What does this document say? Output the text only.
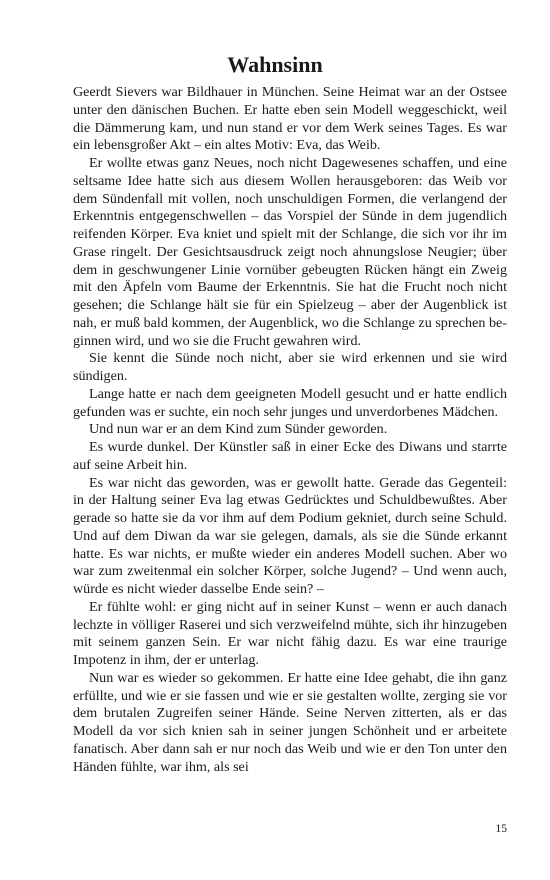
Wahnsinn

Geerdt Sievers war Bildhauer in München. Seine Heimat war an der Ostsee unter den dänischen Buchen. Er hatte eben sein Modell weggeschickt, weil die Dämmerung kam, und nun stand er vor dem Werk seines Tages. Es war ein lebensgroßer Akt – ein altes Motiv: Eva, das Weib.

Er wollte etwas ganz Neues, noch nicht Dagewesenes schaffen, und eine seltsame Idee hatte sich aus diesem Wollen herausgeboren: das Weib vor dem Sündenfall mit vollen, noch unschuldigen Formen, die verlangend der Erkenntnis entgegenschwellen – das Vorspiel der Sünde in dem jugendlich reifenden Körper. Eva kniet und spielt mit der Schlange, die sich vor ihr im Grase ringelt. Der Gesichtsausdruck zeigt noch ahnungslose Neugier; über dem in geschwungener Linie vornüber gebeugten Rücken hängt ein Zweig mit den Äpfeln vom Baume der Erkenntnis. Sie hat die Frucht noch nicht gesehen; die Schlange hält sie für ein Spielzeug – aber der Augenblick ist nah, er muß bald kommen, der Augenblick, wo die Schlange zu sprechen beginnen wird, und wo sie die Frucht gewahren wird.

Sie kennt die Sünde noch nicht, aber sie wird erkennen und sie wird sündigen.

Lange hatte er nach dem geeigneten Modell gesucht und er hatte endlich gefunden was er suchte, ein noch sehr junges und unverdorbenes Mädchen.

Und nun war er an dem Kind zum Sünder geworden.

Es wurde dunkel. Der Künstler saß in einer Ecke des Diwans und starrte auf seine Arbeit hin.

Es war nicht das geworden, was er gewollt hatte. Gerade das Gegenteil: in der Haltung seiner Eva lag etwas Gedrücktes und Schuldbewußtes. Aber gerade so hatte sie da vor ihm auf dem Podium gekniet, durch seine Schuld. Und auf dem Diwan da war sie gelegen, damals, als sie die Sünde erkannt hatte. Es war nichts, er mußte wieder ein anderes Modell suchen. Aber wo war zum zweitenmal ein solcher Körper, solche Jugend? – Und wenn auch, würde es nicht wieder dasselbe Ende sein? –

Er fühlte wohl: er ging nicht auf in seiner Kunst – wenn er auch danach lechzte in völliger Raserei und sich verzweifelnd mühte, sich ihr hinzugeben mit seinem ganzen Sein. Er war nicht fähig dazu. Es war eine traurige Impotenz in ihm, der er unterlag.

Nun war es wieder so gekommen. Er hatte eine Idee gehabt, die ihn ganz erfüllte, und wie er sie fassen und wie er sie gestalten wollte, zerging sie vor dem brutalen Zugreifen seiner Hände. Seine Nerven zitterten, als er das Modell da vor sich knien sah in seiner jungen Schönheit und er arbeitete fanatisch. Aber dann sah er nur noch das Weib und wie er den Ton unter den Händen fühlte, war ihm, als sei

15
